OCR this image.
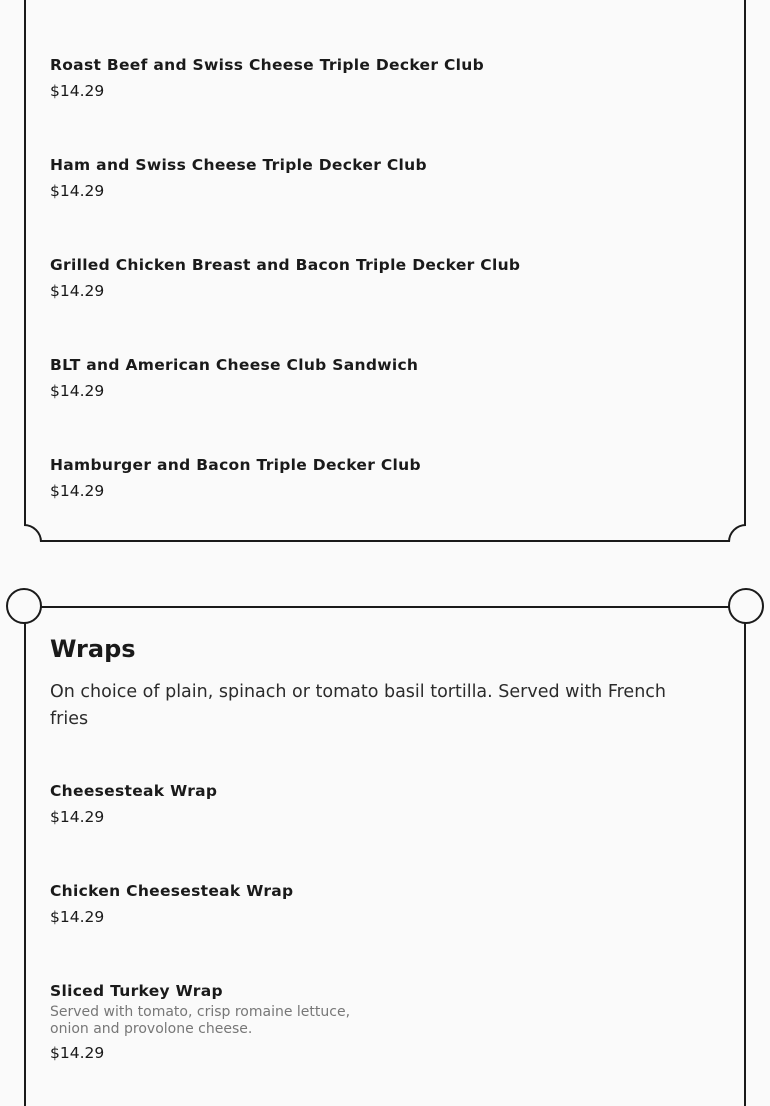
Roast Beef and Swiss Cheese Triple Decker Club
$14.29
Ham and Swiss Cheese Triple Decker Club
$14.29
Grilled Chicken Breast and Bacon Triple Decker Club
$14.29
BLT and American Cheese Club Sandwich
$14.29
Hamburger and Bacon Triple Decker Club
$14.29
Wraps
On choice of plain, spinach or tomato basil tortilla. Served with French fries
Cheesesteak Wrap
$14.29
Chicken Cheesesteak Wrap
$14.29
Sliced Turkey Wrap
Served with tomato, crisp romaine lettuce, onion and provolone cheese.
$14.29
